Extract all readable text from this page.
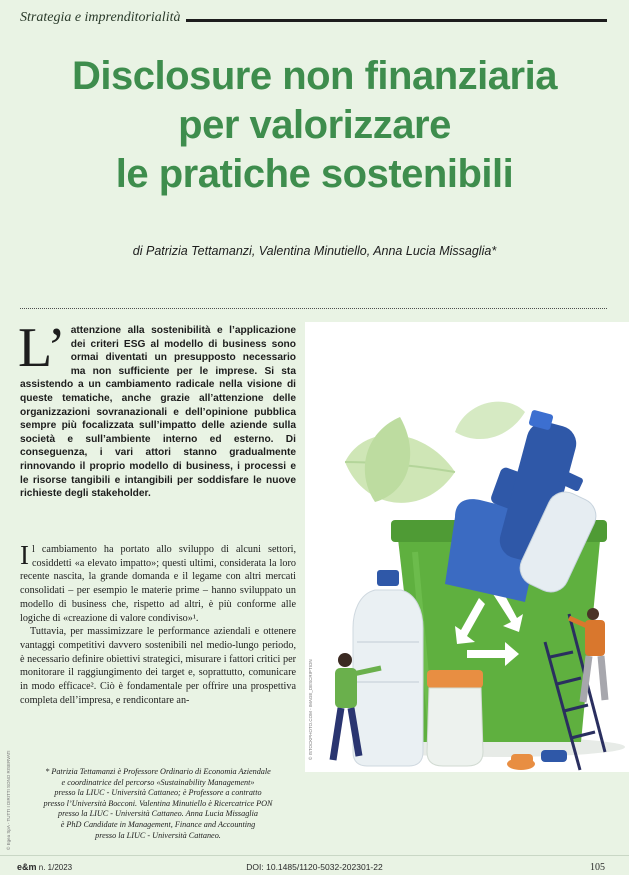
Strategia e imprenditorialità
Disclosure non finanziaria
per valorizzare
le pratiche sostenibili
di Patrizia Tettamanzi, Valentina Minutiello, Anna Lucia Missaglia*
L’ attenzione alla sostenibilità e l’applicazione dei criteri ESG al modello di business sono ormai diventati un presupposto necessario ma non sufficiente per le imprese. Si sta assistendo a un cambiamento radicale nella visione di queste tematiche, anche grazie all’attenzione delle organizzazioni sovranazionali e dell’opinione pubblica sempre più focalizzata sull’impatto delle aziende sulla società e sull’ambiente interno ed esterno. Di conseguenza, i vari attori stanno gradualmente rinnovando il proprio modello di business, i processi e le risorse tangibili e intangibili per soddisfare le nuove richieste degli stakeholder.

Il cambiamento ha portato allo sviluppo di alcuni settori, cosiddetti «a elevato impatto»; questi ultimi, considerata la loro recente nascita, la grande domanda e il legame con altri mercati consolidati – per esempio le materie prime – hanno sviluppato un modello di business che, rispetto ad altri, è più conforme alle logiche di «creazione di valore condiviso»¹.

Tuttavia, per massimizzare le performance aziendali e ottenere vantaggi competitivi davvero sostenibili nel medio-lungo periodo, è necessario definire obiettivi strategici, misurare i fattori critici per monitorare il raggiungimento dei target e, soprattutto, comunicare in modo efficace². Ciò è fondamentale per offrire una prospettiva completa dell’impresa, e rendicontare an-

* Patrizia Tettamanzi è Professore Ordinario di Economia Aziendale
e coordinatrice del percorso «Sustainability Management»
presso la LIUC - Università Cattaneo; è Professore a contratto
presso l’Università Bocconi. Valentina Minutiello è Ricercatrice PON
presso la LIUC - Università Cattaneo. Anna Lucia Missaglia
è PhD Candidate in Management, Finance and Accounting
presso la LIUC - Università Cattaneo.
© ISTOCKPHOTO.COM - IMAGE_DESCRIPTION
© Egea SpA - TUTTI I DIRITTI SONO RISERVATI
e&m n. 1/2023	DOI: 10.1485/1120-5032-202301-22	105
